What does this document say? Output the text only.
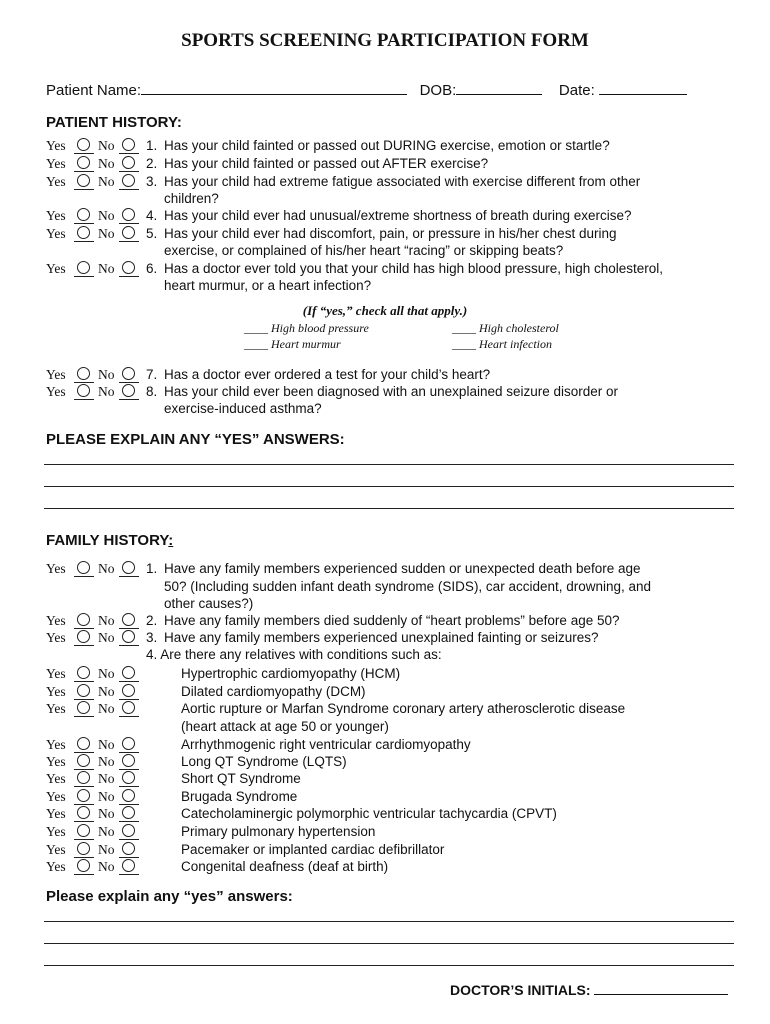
SPORTS SCREENING PARTICIPATION FORM
Patient Name:	DOB:	Date:
PATIENT HISTORY:
Yes No 1. Has your child fainted or passed out DURING exercise, emotion or startle?
Yes No 2. Has your child fainted or passed out AFTER exercise?
Yes No 3. Has your child had extreme fatigue associated with exercise different from other
children?
Yes No 4. Has your child ever had unusual/extreme shortness of breath during exercise?
Yes No 5. Has your child ever had discomfort, pain, or pressure in his/her chest during
exercise, or complained of his/her heart “racing” or skipping beats?
Yes No 6. Has a doctor ever told you that your child has high blood pressure, high cholesterol,
heart murmur, or a heart infection?
(If “yes,” check all that apply.)
____ High blood pressure	____ High cholesterol
____ Heart murmur	____ Heart infection
Yes No 7. Has a doctor ever ordered a test for your child’s heart?
Yes No 8. Has your child ever been diagnosed with an unexplained seizure disorder or
exercise-induced asthma?
PLEASE EXPLAIN ANY “YES” ANSWERS:
FAMILY HISTORY:
Yes No 1. Have any family members experienced sudden or unexpected death before age
50? (Including sudden infant death syndrome (SIDS), car accident, drowning, and
other causes?)
Yes No 2. Have any family members died suddenly of “heart problems” before age 50?
Yes No 3. Have any family members experienced unexplained fainting or seizures?
4. Are there any relatives with conditions such as:
Yes No	Hypertrophic cardiomyopathy (HCM)
Yes No	Dilated cardiomyopathy (DCM)
Yes No	Aortic rupture or Marfan Syndrome coronary artery atherosclerotic disease
(heart attack at age 50 or younger)
Yes No	Arrhythmogenic right ventricular cardiomyopathy
Yes No	Long QT Syndrome (LQTS)
Yes No	Short QT Syndrome
Yes No	Brugada Syndrome
Yes No	Catecholaminergic polymorphic ventricular tachycardia (CPVT)
Yes No	Primary pulmonary hypertension
Yes No	Pacemaker or implanted cardiac defibrillator
Yes No	Congenital deafness (deaf at birth)
Please explain any “yes” answers:
DOCTOR’S INITIALS:
